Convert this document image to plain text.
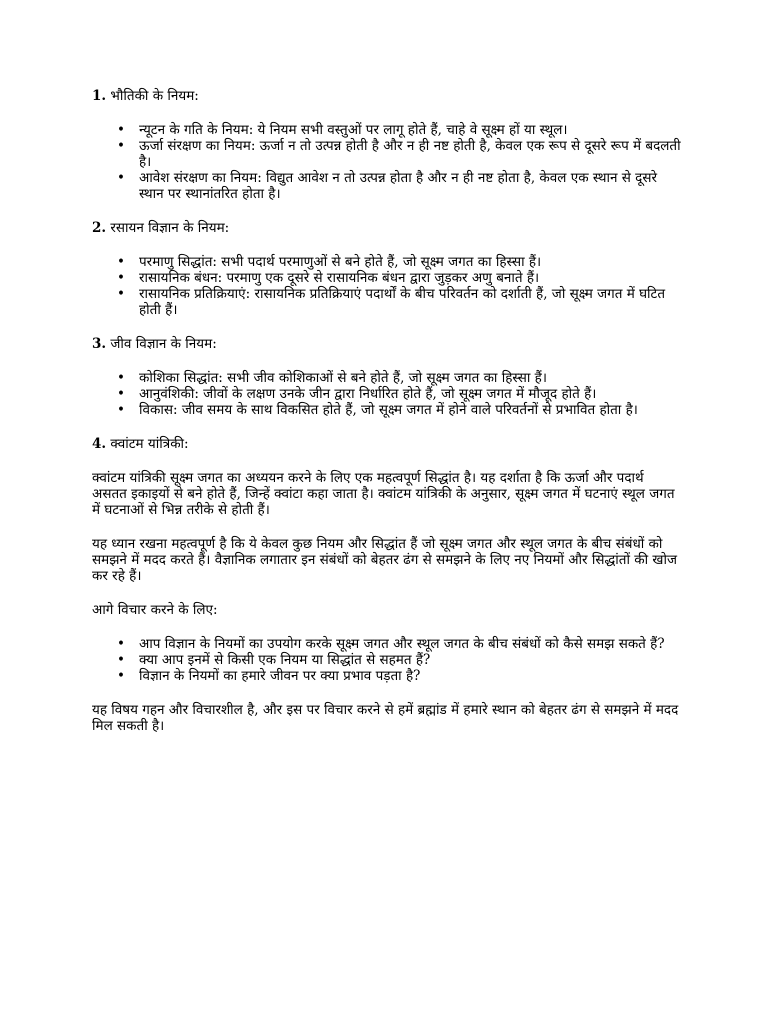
1. भौतिकी के नियम:
• न्यूटन के गति के नियम: ये नियम सभी वस्तुओं पर लागू होते हैं, चाहे वे सूक्ष्म हों या स्थूल।
• ऊर्जा संरक्षण का नियम: ऊर्जा न तो उत्पन्न होती है और न ही नष्ट होती है, केवल एक रूप से दूसरे रूप में बदलती है।
• आवेश संरक्षण का नियम: विद्युत आवेश न तो उत्पन्न होता है और न ही नष्ट होता है, केवल एक स्थान से दूसरे स्थान पर स्थानांतरित होता है।
2. रसायन विज्ञान के नियम:
• परमाणु सिद्धांत: सभी पदार्थ परमाणुओं से बने होते हैं, जो सूक्ष्म जगत का हिस्सा हैं।
• रासायनिक बंधन: परमाणु एक दूसरे से रासायनिक बंधन द्वारा जुड़कर अणु बनाते हैं।
• रासायनिक प्रतिक्रियाएं: रासायनिक प्रतिक्रियाएं पदार्थों के बीच परिवर्तन को दर्शाती हैं, जो सूक्ष्म जगत में घटित होती हैं।
3. जीव विज्ञान के नियम:
• कोशिका सिद्धांत: सभी जीव कोशिकाओं से बने होते हैं, जो सूक्ष्म जगत का हिस्सा हैं।
• आनुवंशिकी: जीवों के लक्षण उनके जीन द्वारा निर्धारित होते हैं, जो सूक्ष्म जगत में मौजूद होते हैं।
• विकास: जीव समय के साथ विकसित होते हैं, जो सूक्ष्म जगत में होने वाले परिवर्तनों से प्रभावित होता है।
4. क्वांटम यांत्रिकी:

क्वांटम यांत्रिकी सूक्ष्म जगत का अध्ययन करने के लिए एक महत्वपूर्ण सिद्धांत है। यह दर्शाता है कि ऊर्जा और पदार्थ असतत इकाइयों से बने होते हैं, जिन्हें क्वांटा कहा जाता है। क्वांटम यांत्रिकी के अनुसार, सूक्ष्म जगत में घटनाएं स्थूल जगत में घटनाओं से भिन्न तरीके से होती हैं।

यह ध्यान रखना महत्वपूर्ण है कि ये केवल कुछ नियम और सिद्धांत हैं जो सूक्ष्म जगत और स्थूल जगत के बीच संबंधों को समझने में मदद करते हैं। वैज्ञानिक लगातार इन संबंधों को बेहतर ढंग से समझने के लिए नए नियमों और सिद्धांतों की खोज कर रहे हैं।

आगे विचार करने के लिए:
• आप विज्ञान के नियमों का उपयोग करके सूक्ष्म जगत और स्थूल जगत के बीच संबंधों को कैसे समझ सकते हैं?
• क्या आप इनमें से किसी एक नियम या सिद्धांत से सहमत हैं?
• विज्ञान के नियमों का हमारे जीवन पर क्या प्रभाव पड़ता है?

यह विषय गहन और विचारशील है, और इस पर विचार करने से हमें ब्रह्मांड में हमारे स्थान को बेहतर ढंग से समझने में मदद मिल सकती है।
